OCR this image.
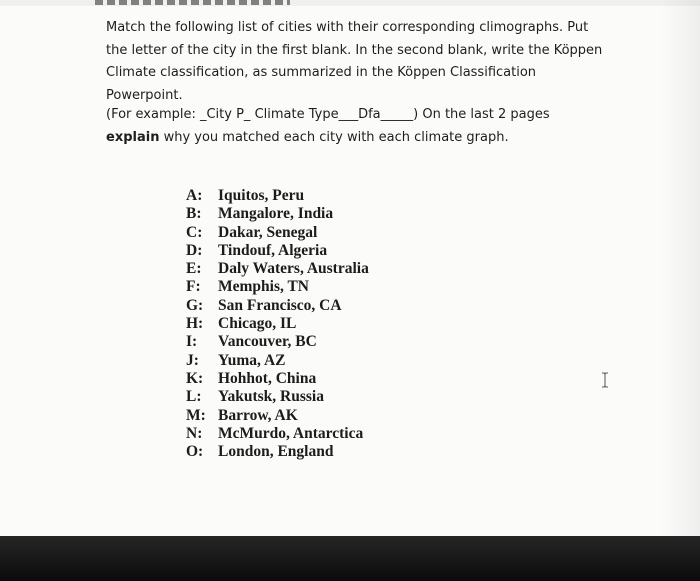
Match the following list of cities with their corresponding climographs. Put the letter of the city in the first blank. In the second blank, write the Köppen Climate classification, as summarized in the Köppen Classification Powerpoint.

(For example: _City P_ Climate Type___Dfa_____) On the last 2 pages explain why you matched each city with each climate graph.

A:	Iquitos, Peru
B:	Mangalore, India
C:	Dakar, Senegal
D:	Tindouf, Algeria
E:	Daly Waters, Australia
F:	Memphis, TN
G: San Francisco, CA
H: Chicago, IL
I:	Vancouver, BC
J:	Yuma, AZ
K: Hohhot, China
L:	Yakutsk, Russia
M: Barrow, AK
N:	McMurdo, Antarctica
O: London, England
